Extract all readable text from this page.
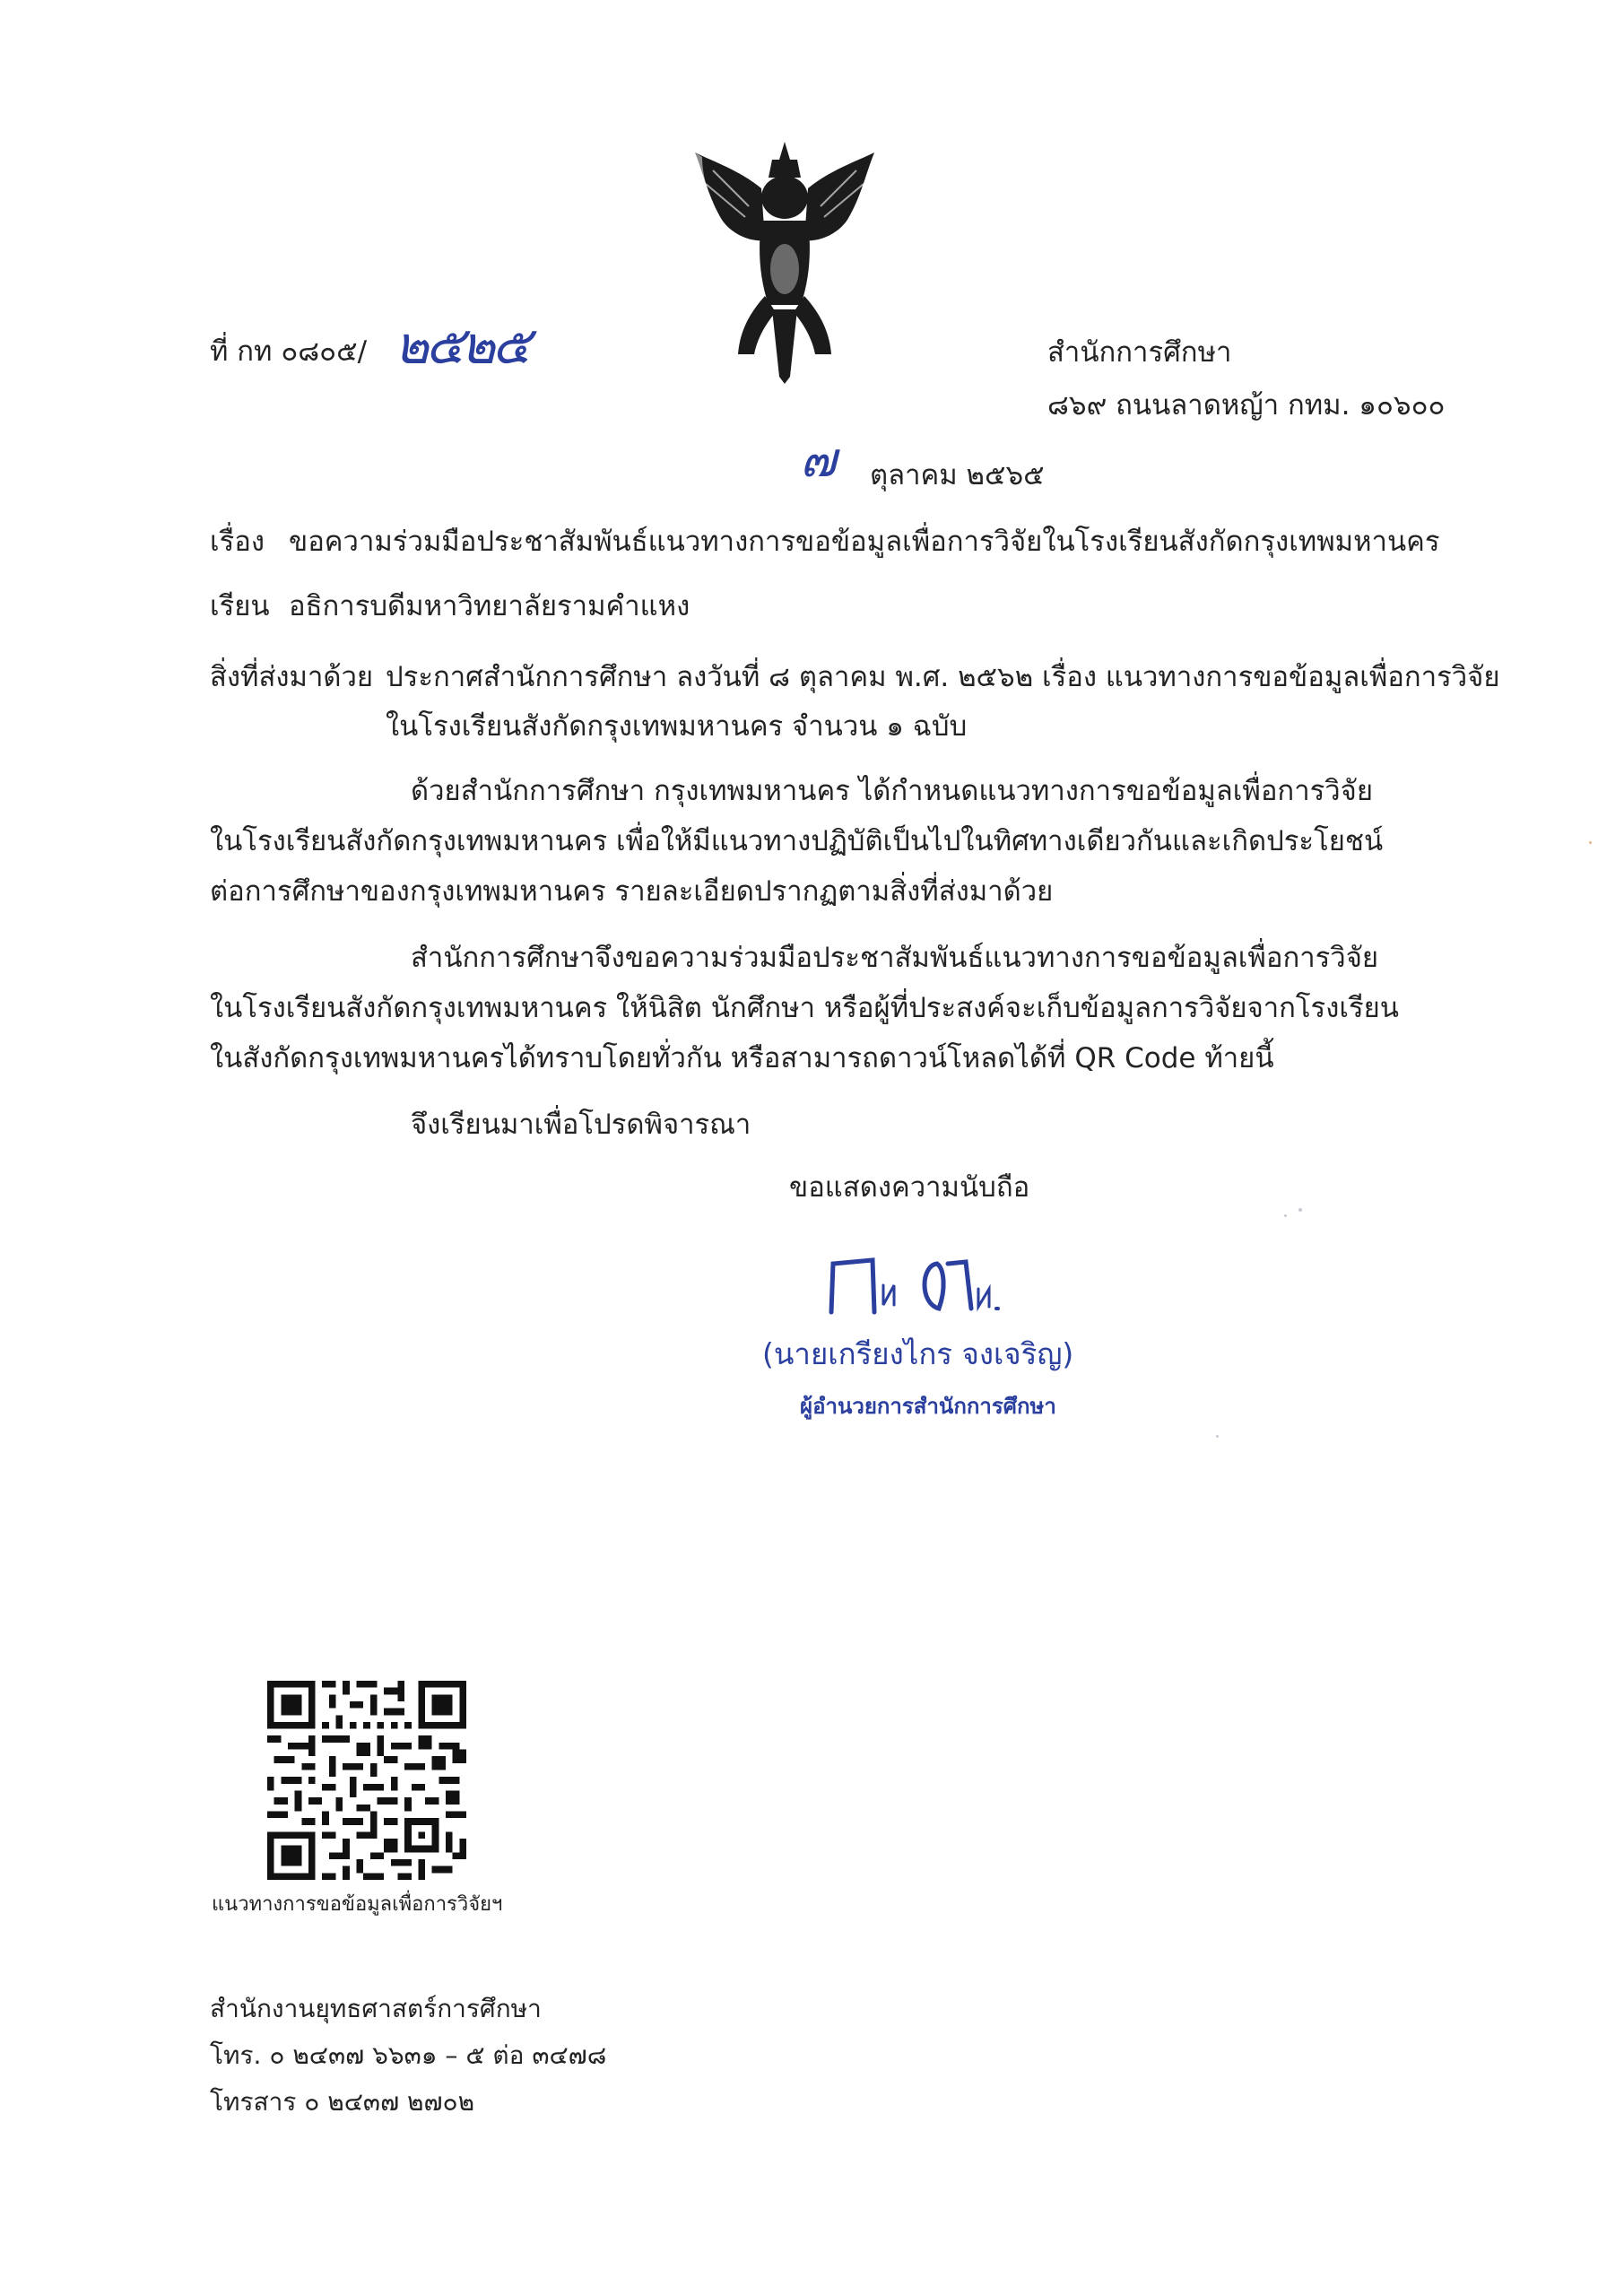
ที่ กท ๐๘๐๕/ ๒๕๒๕	สำนักการศึกษา
๘๖๙ ถนนลาดหญ้า กทม. ๑๐๖๐๐
๗ ตุลาคม ๒๕๖๕
เรื่อง ขอความร่วมมือประชาสัมพันธ์แนวทางการขอข้อมูลเพื่อการวิจัยในโรงเรียนสังกัดกรุงเทพมหานคร
เรียน อธิการบดีมหาวิทยาลัยรามคำแหง
สิ่งที่ส่งมาด้วย ประกาศสำนักการศึกษา ลงวันที่ ๘ ตุลาคม พ.ศ. ๒๕๖๒ เรื่อง แนวทางการขอข้อมูลเพื่อการวิจัย
ในโรงเรียนสังกัดกรุงเทพมหานคร จำนวน ๑ ฉบับ
ด้วยสำนักการศึกษา กรุงเทพมหานคร ได้กำหนดแนวทางการขอข้อมูลเพื่อการวิจัย
ในโรงเรียนสังกัดกรุงเทพมหานคร เพื่อให้มีแนวทางปฏิบัติเป็นไปในทิศทางเดียวกันและเกิดประโยชน์
ต่อการศึกษาของกรุงเทพมหานคร รายละเอียดปรากฏตามสิ่งที่ส่งมาด้วย
สำนักการศึกษาจึงขอความร่วมมือประชาสัมพันธ์แนวทางการขอข้อมูลเพื่อการวิจัย
ในโรงเรียนสังกัดกรุงเทพมหานคร ให้นิสิต นักศึกษา หรือผู้ที่ประสงค์จะเก็บข้อมูลการวิจัยจากโรงเรียน
ในสังกัดกรุงเทพมหานครได้ทราบโดยทั่วกัน หรือสามารถดาวน์โหลดได้ที่ QR Code ท้ายนี้
จึงเรียนมาเพื่อโปรดพิจารณา
ขอแสดงความนับถือ
(นายเกรียงไกร จงเจริญ)
ผู้อำนวยการสำนักการศึกษา
แนวทางการขอข้อมูลเพื่อการวิจัยฯ
สำนักงานยุทธศาสตร์การศึกษา
โทร. ๐ ๒๔๓๗ ๖๖๓๑ – ๕ ต่อ ๓๔๗๘
โทรสาร ๐ ๒๔๓๗ ๒๗๐๒
